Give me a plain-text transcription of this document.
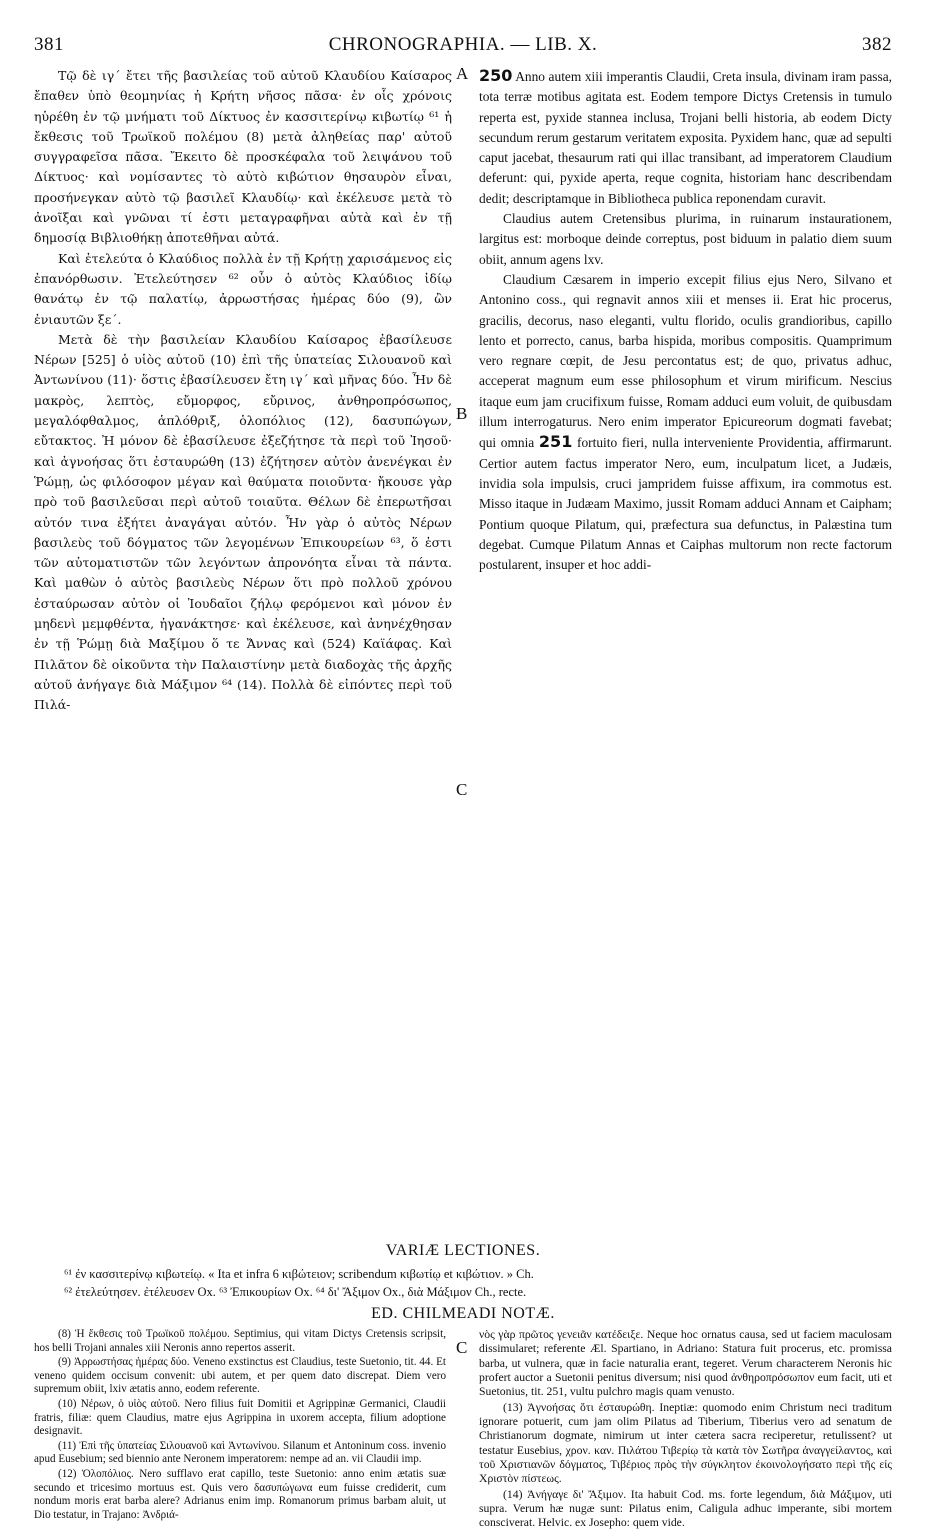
381	CHRONOGRAPHIA. — LIB. X.	382
A
B
C
C

Τῷ δὲ ιγ΄ ἔτει τῆς βασιλείας τοῦ αὐτοῦ Κλαυδίου Καίσαρος ἔπαθεν ὑπὸ θεομηνίας ἡ Κρήτη νῆσος πᾶσα· ἐν οἷς χρόνοις ηὑρέθη ἐν τῷ μνήματι τοῦ Δίκτυος ἐν κασσιτερίνῳ κιβωτίῳ ⁶¹ ἡ ἔκθεσις τοῦ Τρωϊκοῦ πολέμου (8) μετὰ ἀληθείας παρ' αὐτοῦ συγγραφεῖσα πᾶσα. Ἔκειτο δὲ προσκέφαλα τοῦ λειψάνου τοῦ Δίκτυος· καὶ νομίσαντες τὸ αὐτὸ κιβώτιον θησαυρὸν εἶναι, προσήνεγκαν αὐτὸ τῷ βασιλεῖ Κλαυδίῳ· καὶ ἐκέλευσε μετὰ τὸ ἀνοῖξαι καὶ γνῶναι τί ἐστι μεταγραφῆναι αὐτὰ καὶ ἐν τῇ δημοσίᾳ Βιβλιοθήκῃ ἀποτεθῆναι αὐτά.

Καὶ ἐτελεύτα ὁ Κλαύδιος πολλὰ ἐν τῇ Κρήτῃ χαρισάμενος εἰς ἐπανόρθωσιν. Ἐτελεύτησεν ⁶² οὖν ὁ αὐτὸς Κλαύδιος ἰδίῳ θανάτῳ ἐν τῷ παλατίῳ, ἀρρωστήσας ἡμέρας δύο (9), ὢν ἐνιαυτῶν ξε΄.

Μετὰ δὲ τὴν βασιλείαν Κλαυδίου Καίσαρος ἐβασίλευσε Νέρων [525] ὁ υἱὸς αὐτοῦ (10) ἐπὶ τῆς ὑπατείας Σιλουανοῦ καὶ Ἀντωνίνου (11)· ὅστις ἐβασίλευσεν ἔτη ιγ΄ καὶ μῆνας δύο. Ἦν δὲ μακρὸς, λεπτὸς, εὔμορφος, εὔρινος, ἀνθηροπρόσωπος, μεγαλόφθαλμος, ἁπλόθριξ, ὁλοπόλιος (12), δασυπώγων, εὔτακτος. Ἠ μόνον δὲ ἐβασίλευσε ἐξεζήτησε τὰ περὶ τοῦ Ἰησοῦ· καὶ ἀγνοήσας ὅτι ἐσταυρώθη (13) ἐζήτησεν αὐτὸν ἀνενέγκαι ἐν Ῥώμῃ, ὡς φιλόσοφον μέγαν καὶ θαύματα ποιοῦντα· ἤκουσε γὰρ πρὸ τοῦ βασιλεῦσαι περὶ αὐτοῦ τοιαῦτα. Θέλων δὲ ἐπερωτῆσαι αὐτόν τινα ἐξήτει ἀναγάγαι αὐτόν. Ἦν γὰρ ὁ αὐτὸς Νέρων βασιλεὺς τοῦ δόγματος τῶν λεγομένων Ἐπικουρείων ⁶³, ὅ ἐστι τῶν αὐτοματιστῶν τῶν λεγόντων ἀπρονόητα εἶναι τὰ πάντα. Καὶ μαθὼν ὁ αὐτὸς βασιλεὺς Νέρων ὅτι πρὸ πολλοῦ χρόνου ἐσταύρωσαν αὐτὸν οἱ Ἰουδαῖοι ζήλῳ φερόμενοι καὶ μόνον ἐν μηδενὶ μεμφθέντα, ἠγανάκτησε· καὶ ἐκέλευσε, καὶ ἀνηνέχθησαν ἐν τῇ Ῥώμῃ διὰ Μαξίμου ὅ τε Ἄννας καὶ (524) Καϊάφας. Καὶ Πιλᾶτον δὲ οἰκοῦντα τὴν Παλαιστίνην μετὰ διαδοχὰς τῆς ἀρχῆς αὐτοῦ ἀνήγαγε διὰ Μάξιμον ⁶⁴ (14). Πολλὰ δὲ εἰπόντες περὶ τοῦ Πιλά-

250 Anno autem xiii imperantis Claudii, Creta insula, divinam iram passa, tota terræ motibus agitata est. Eodem tempore Dictys Cretensis in tumulo reperta est, pyxide stannea inclusa, Trojani belli historia, ab eodem Dicty secundum rerum gestarum veritatem exposita. Pyxidem hanc, quæ ad sepulti caput jacebat, thesaurum rati qui illac transibant, ad imperatorem Claudium deferunt: qui, pyxide aperta, reque cognita, historiam hanc describendam dedit; descriptamque in Bibliotheca publica reponendam curavit.

Claudius autem Cretensibus plurima, in ruinarum instaurationem, largitus est: morboque deinde correptus, post biduum in palatio diem suum obiit, annum agens lxv.

Claudium Cæsarem in imperio excepit filius ejus Nero, Silvano et Antonino coss., qui regnavit annos xiii et menses ii. Erat hic procerus, gracilis, decorus, naso eleganti, vultu florido, oculis grandioribus, capillo lento et porrecto, canus, barba hispida, moribus compositis. Quamprimum vero regnare cœpit, de Jesu percontatus est; de quo, privatus adhuc, acceperat magnum eum esse philosophum et virum mirificum. Nescius itaque eum jam crucifixum fuisse, Romam adduci eum voluit, de quibusdam illum interrogaturus. Nero enim imperator Epicureorum dogmati favebat; qui omnia 251 fortuito fieri, nulla interveniente Providentia, affirmarunt. Certior autem factus imperator Nero, eum, inculpatum licet, a Judæis, invidia sola impulsis, cruci jampridem fuisse affixum, ira commotus est. Misso itaque in Judæam Maximo, jussit Romam adduci Annam et Caipham; Pontium quoque Pilatum, qui, præfectura sua defunctus, in Palæstina tum degebat. Cumque Pilatum Annas et Caiphas multorum non recte factorum postularent, insuper et hoc addi-

VARIÆ LECTIONES.
⁶¹ ἐν κασσιτερίνῳ κιβωτείῳ. « Ita et infra 6 κιβώτειον; scribendum κιβωτίῳ et κιβώτιον. » Ch.
⁶² ἐτελεύτησεν. ἐτέλευσεν Ox. ⁶³ Ἐπικουρίων Ox. ⁶⁴ δι' Ἄξιμον Ox., διὰ Μάξιμον Ch., recte.
ED. CHILMEADI NOTÆ.

(8) Ἡ ἔκθεσις τοῦ Τρωϊκοῦ πολέμου. Septimius, qui vitam Dictys Cretensis scripsit, hos belli Trojani annales xiii Neronis anno repertos asserit.

(9) Ἀρρωστήσας ἡμέρας δύο. Veneno exstinctus est Claudius, teste Suetonio, tit. 44. Et veneno quidem occisum convenit: ubi autem, et per quem dato discrepat. Diem vero supremum obiit, lxiv ætatis anno, eodem referente.

(10) Νέρων, ὁ υἱὸς αὐτοῦ. Nero filius fuit Domitii et Agrippinæ Germanici, Claudii fratris, filiæ: quem Claudius, matre ejus Agrippina in uxorem accepta, filium adoptione designavit.

(11) Ἐπὶ τῆς ὑπατείας Σιλουανοῦ καὶ Ἀντωνίνου. Silanum et Antoninum coss. invenio apud Eusebium; sed biennio ante Neronem imperatorem: nempe ad an. vii Claudii imp.

(12) Ὁλοπόλιος. Nero sufflavo erat capillo, teste Suetonio: anno enim ætatis suæ secundo et tricesimo mortuus est. Quis vero δασυπώγωνα eum fuisse crediderit, cum nondum moris erat barba alere? Adrianus enim imp. Romanorum primus barbam aluit, ut Dio testatur, in Trajano: Ἀνδριά-

νὸς γὰρ πρῶτος γενειᾶν κατέδειξε. Neque hoc ornatus causa, sed ut faciem maculosam dissimularet; referente Æl. Spartiano, in Adriano: Statura fuit procerus, etc. promissa barba, ut vulnera, quæ in facie naturalia erant, tegeret. Verum characterem Neronis hic profert auctor a Suetonii penitus diversum; nisi quod ἀνθηροπρόσωπον eum facit, uti et Suetonius, tit. 251, vultu pulchro magis quam venusto.

(13) Ἀγνοήσας ὅτι ἐσταυρώθη. Ineptiæ: quomodo enim Christum neci traditum ignorare potuerit, cum jam olim Pilatus ad Tiberium, Tiberius vero ad senatum de Christianorum dogmate, nimirum ut inter cætera sacra reciperetur, retulissent? ut testatur Eusebius, χρον. καν. Πιλάτου Τιβερίῳ τὰ κατὰ τὸν Σωτῆρα ἀναγγείλαντος, καὶ τοῦ Χριστιανῶν δόγματος, Τιβέριος πρὸς τὴν σύγκλητον ἐκοινολογήσατο περὶ τῆς εἰς Χριστὸν πίστεως.

(14) Ἀνήγαγε δι' Ἄξιμον. Ita habuit Cod. ms. forte legendum, διὰ Μάξιμον, uti supra. Verum hæ nugæ sunt: Pilatus enim, Caligula adhuc imperante, sibi mortem consciverat. Helvic. ex Josepho: quem vide.
